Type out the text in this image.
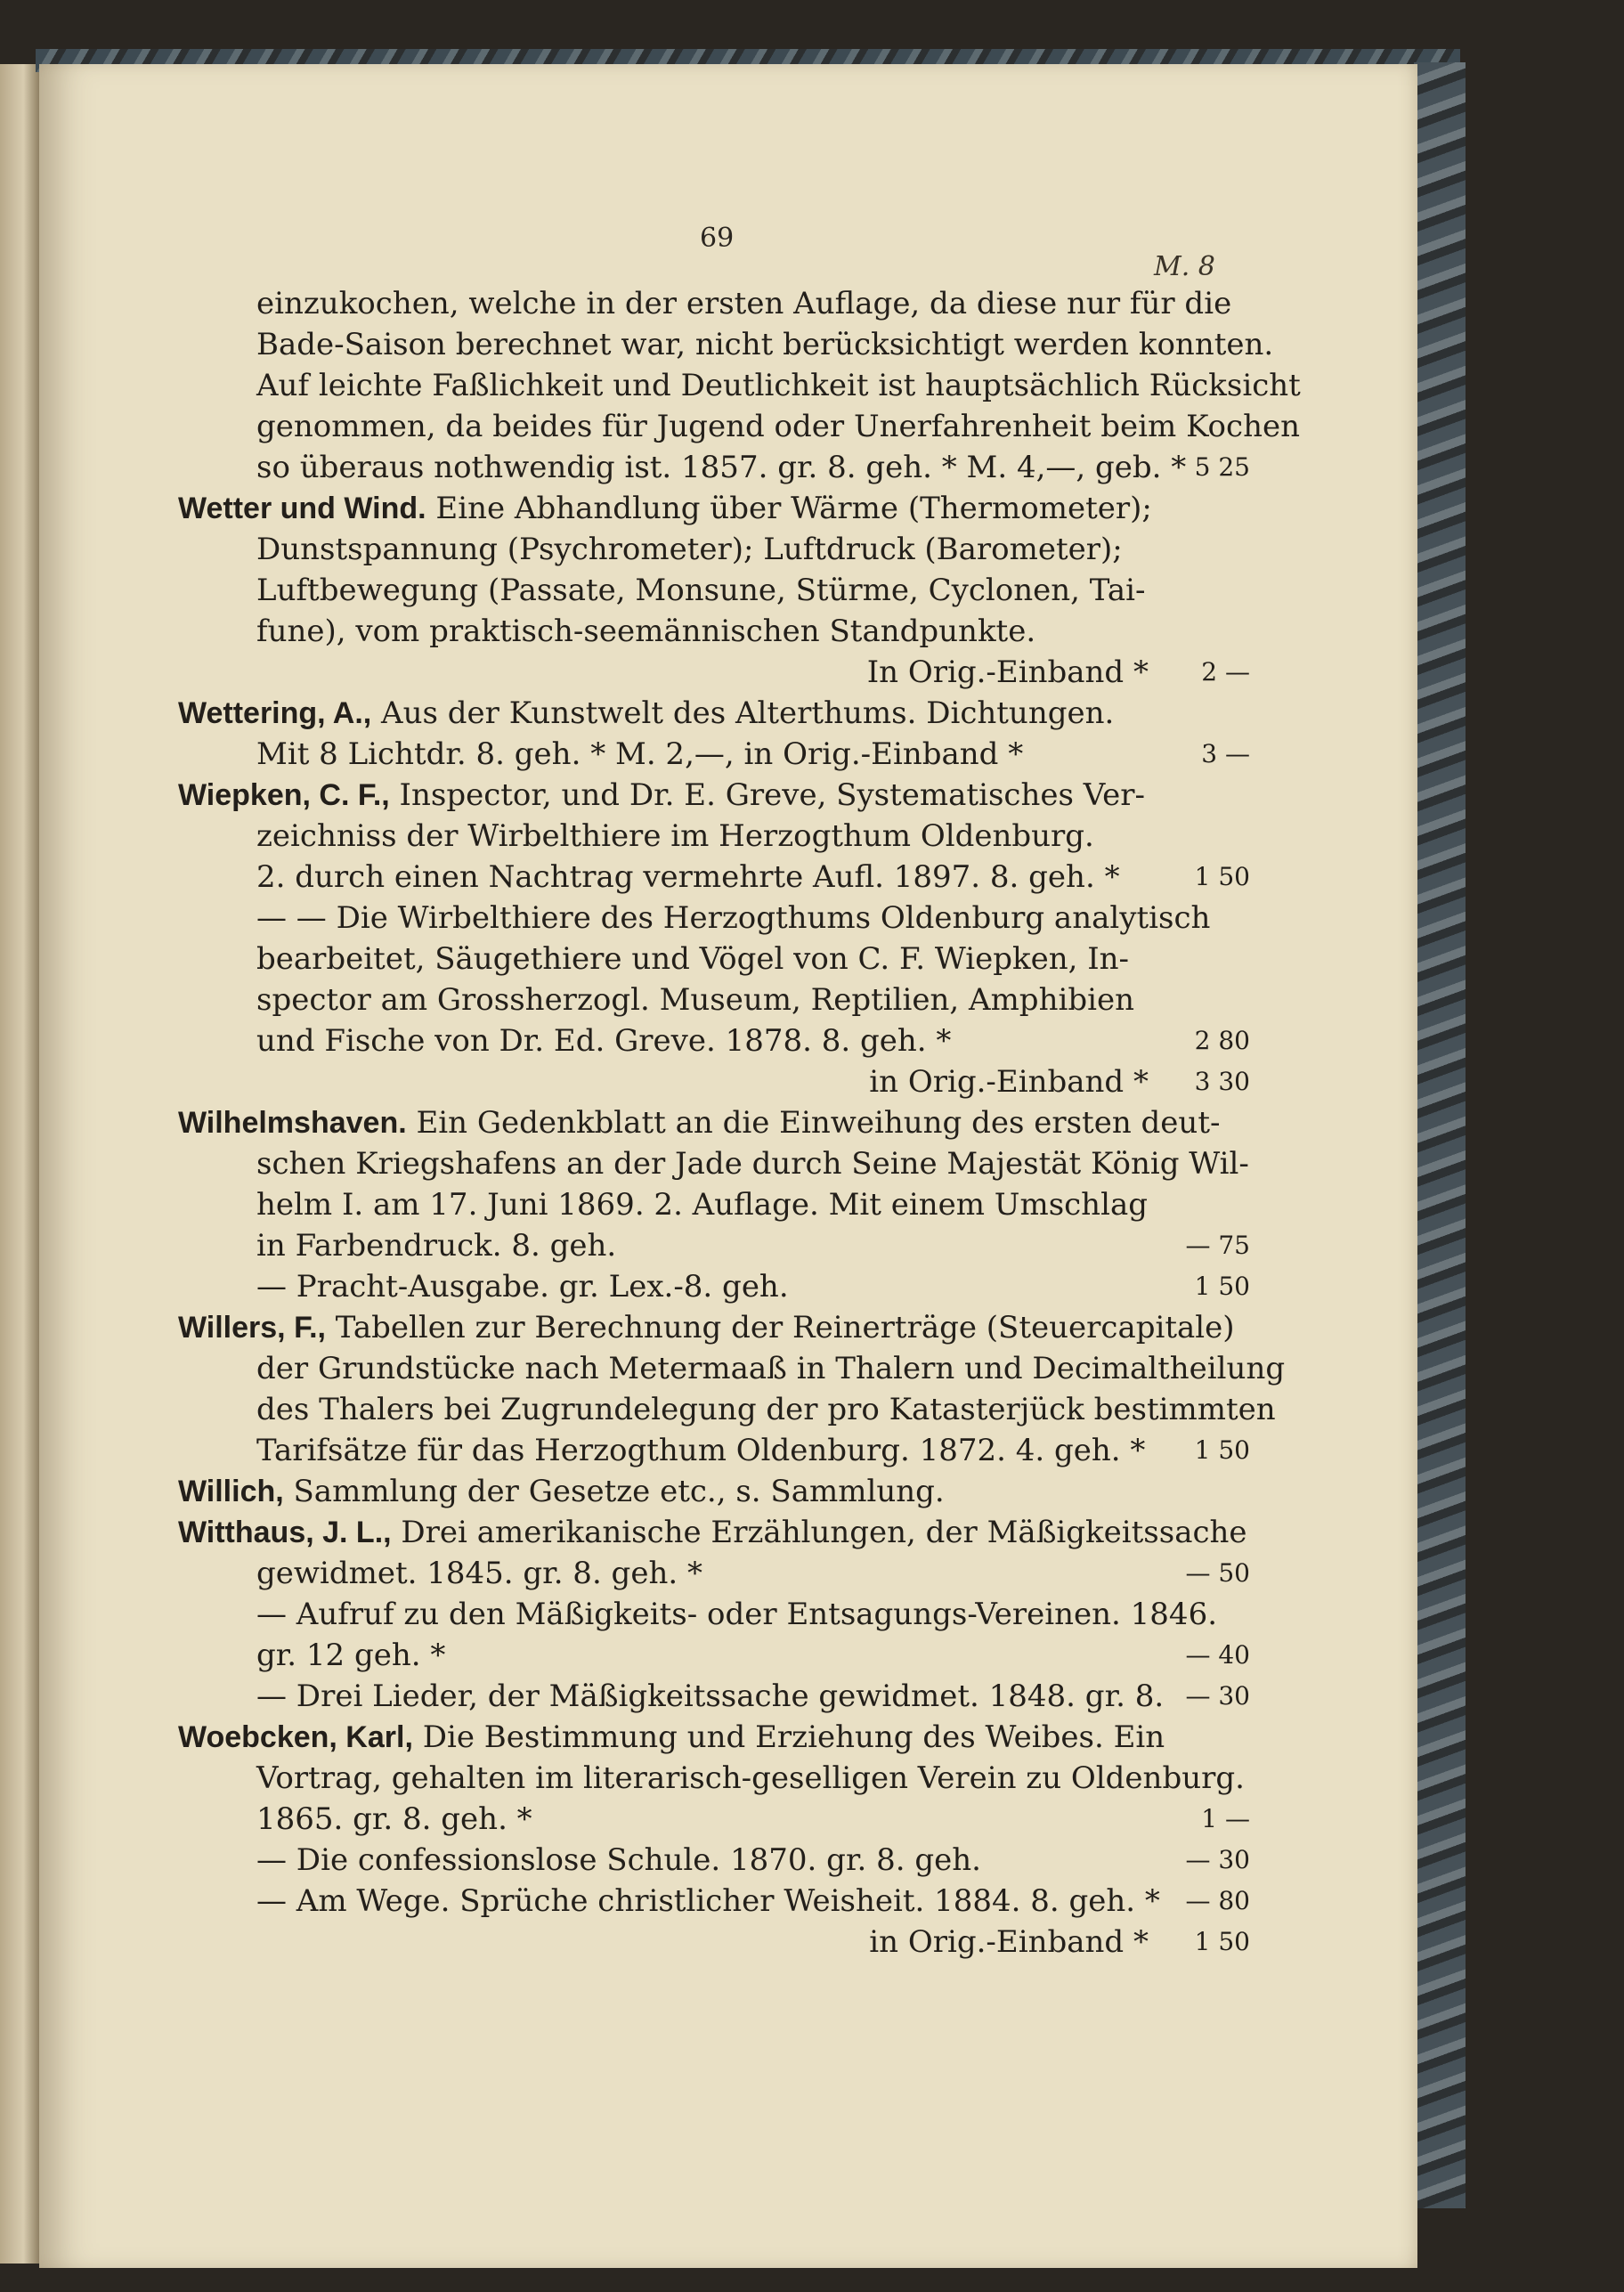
69
M. 8
einzukochen, welche in der ersten Auflage, da diese nur für die
Bade-Saison berechnet war, nicht berücksichtigt werden konnten.
Auf leichte Faßlichkeit und Deutlichkeit ist hauptsächlich Rücksicht
genommen, da beides für Jugend oder Unerfahrenheit beim Kochen
so überaus nothwendig ist. 1857. gr. 8. geh. * M. 4,—, geb. * 5 25
Wetter und Wind. Eine Abhandlung über Wärme (Thermometer);
Dunstspannung (Psychrometer); Luftdruck (Barometer);
Luftbewegung (Passate, Monsune, Stürme, Cyclonen, Tai-
fune), vom praktisch-seemännischen Standpunkte.
In Orig.-Einband *	2 —
Wettering, A., Aus der Kunstwelt des Alterthums. Dichtungen.
Mit 8 Lichtdr. 8. geh. * M. 2,—, in Orig.-Einband *	3 —
Wiepken, C. F., Inspector, und Dr. E. Greve, Systematisches Ver-
zeichniss der Wirbelthiere im Herzogthum Oldenburg.
2. durch einen Nachtrag vermehrte Aufl. 1897. 8. geh. *	1 50
— — Die Wirbelthiere des Herzogthums Oldenburg analytisch
bearbeitet, Säugethiere und Vögel von C. F. Wiepken, In-
spector am Grossherzogl. Museum, Reptilien, Amphibien
und Fische von Dr. Ed. Greve. 1878. 8. geh. *	2 80
in Orig.-Einband *	3 30
Wilhelmshaven. Ein Gedenkblatt an die Einweihung des ersten deut-
schen Kriegshafens an der Jade durch Seine Majestät König Wil-
helm I. am 17. Juni 1869. 2. Auflage. Mit einem Umschlag
in Farbendruck. 8. geh.	— 75
— Pracht-Ausgabe. gr. Lex.-8. geh.	1 50
Willers, F., Tabellen zur Berechnung der Reinerträge (Steuercapitale)
der Grundstücke nach Metermaaß in Thalern und Decimaltheilung
des Thalers bei Zugrundelegung der pro Katasterjück bestimmten
Tarifsätze für das Herzogthum Oldenburg. 1872. 4. geh. *	1 50
Willich, Sammlung der Gesetze etc., s. Sammlung.
Witthaus, J. L., Drei amerikanische Erzählungen, der Mäßigkeitssache
gewidmet. 1845. gr. 8. geh. *	— 50
— Aufruf zu den Mäßigkeits- oder Entsagungs-Vereinen. 1846.
gr. 12 geh. *	— 40
— Drei Lieder, der Mäßigkeitssache gewidmet. 1848. gr. 8. — 30
Woebcken, Karl, Die Bestimmung und Erziehung des Weibes. Ein
Vortrag, gehalten im literarisch-geselligen Verein zu Oldenburg.
1865. gr. 8. geh. *	1 —
— Die confessionslose Schule. 1870. gr. 8. geh.	— 30
— Am Wege. Sprüche christlicher Weisheit. 1884. 8. geh. *	— 80
in Orig.-Einband *	1 50
